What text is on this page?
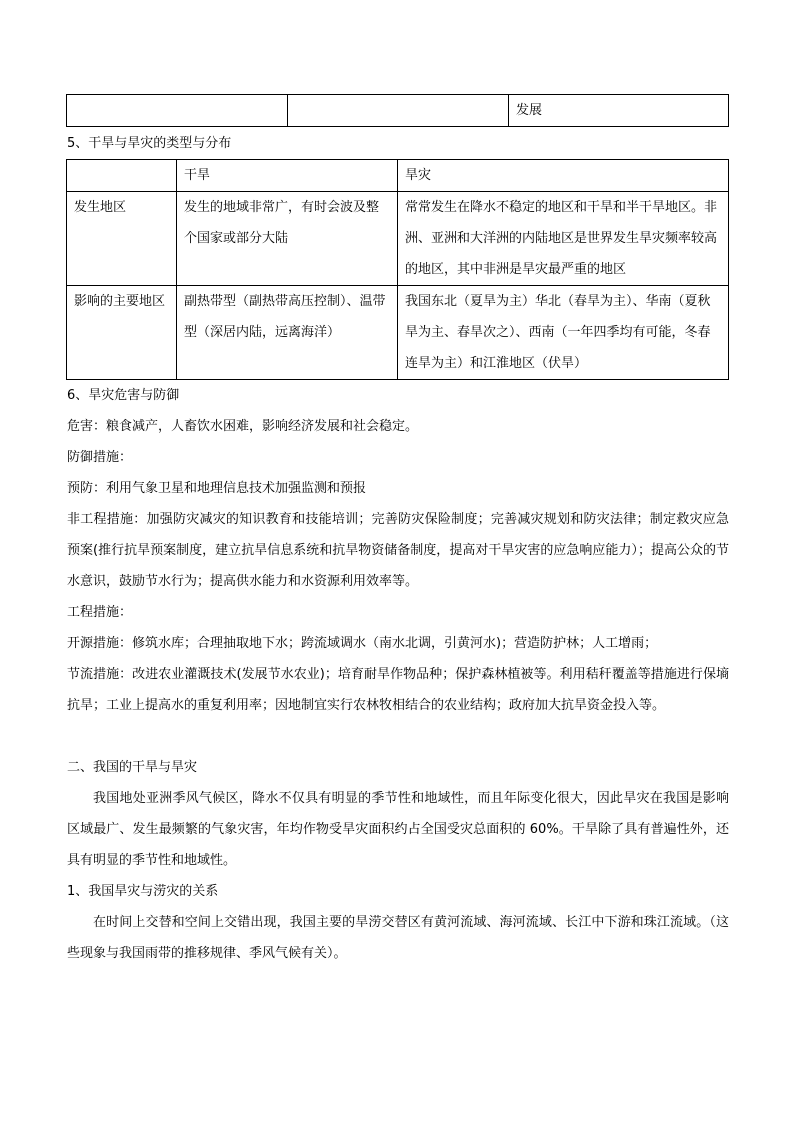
		发展
5、干旱与旱灾的类型与分布
	干旱	旱灾
发生地区	发生的地域非常广，有时会波及整个国家或部分大陆	常常发生在降水不稳定的地区和干旱和半干旱地区。非洲、亚洲和大洋洲的内陆地区是世界发生旱灾频率较高的地区，其中非洲是旱灾最严重的地区
影响的主要地区	副热带型（副热带高压控制）、温带型（深居内陆，远离海洋）	我国东北（夏旱为主）华北（春旱为主）、华南（夏秋旱为主、春旱次之）、西南（一年四季均有可能，冬春连旱为主）和江淮地区（伏旱）
6、旱灾危害与防御
危害：粮食减产，人畜饮水困难，影响经济发展和社会稳定。
防御措施：
预防：利用气象卫星和地理信息技术加强监测和预报
非工程措施：加强防灾减灾的知识教育和技能培训；完善防灾保险制度；完善减灾规划和防灾法律；制定救灾应急预案(推行抗旱预案制度，建立抗旱信息系统和抗旱物资储备制度，提高对干旱灾害的应急响应能力）；提高公众的节水意识，鼓励节水行为；提高供水能力和水资源利用效率等。
工程措施：
开源措施：修筑水库；合理抽取地下水；跨流域调水（南水北调，引黄河水)；营造防护林；人工增雨；
节流措施：改进农业灌溉技术(发展节水农业)；培育耐旱作物品种；保护森林植被等。利用秸秆覆盖等措施进行保墒抗旱；工业上提高水的重复利用率；因地制宜实行农林牧相结合的农业结构；政府加大抗旱资金投入等。
二、我国的干旱与旱灾
我国地处亚洲季风气候区，降水不仅具有明显的季节性和地域性，而且年际变化很大，因此旱灾在我国是影响区域最广、发生最频繁的气象灾害，年均作物受旱灾面积约占全国受灾总面积的 60%。干旱除了具有普遍性外，还具有明显的季节性和地域性。
1、我国旱灾与涝灾的关系
在时间上交替和空间上交错出现，我国主要的旱涝交替区有黄河流域、海河流域、长江中下游和珠江流域。（这些现象与我国雨带的推移规律、季风气候有关）。
